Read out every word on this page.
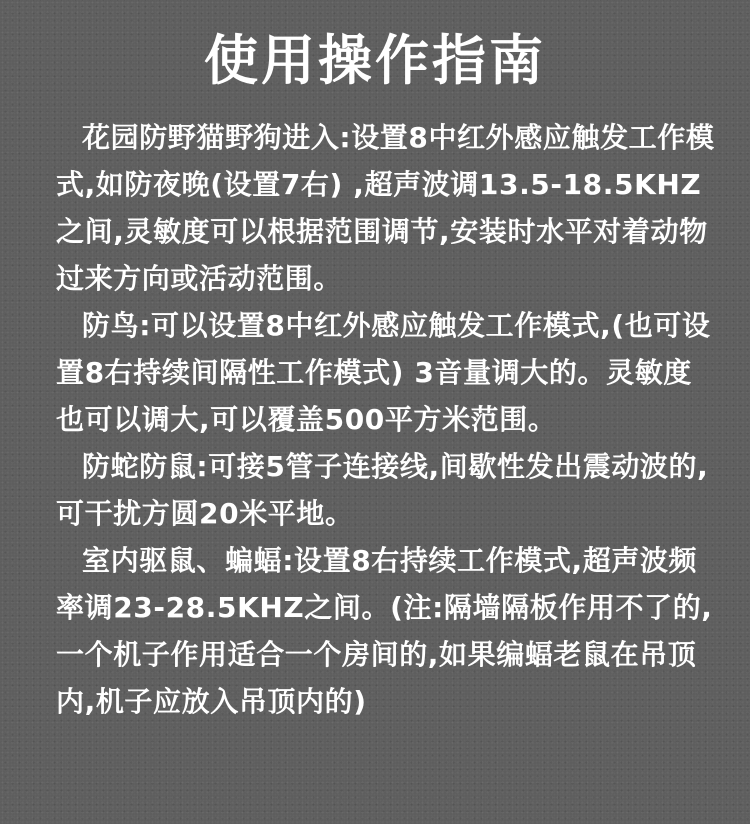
使用操作指南

花园防野猫野狗进入:设置8中红外感应触发工作模式,如防夜晚(设置7右) ,超声波调13.5-18.5KHZ之间,灵敏度可以根据范围调节,安装时水平对着动物过来方向或活动范围。

防鸟:可以设置8中红外感应触发工作模式,(也可设置8右持续间隔性工作模式) 3音量调大的。灵敏度也可以调大,可以覆盖500平方米范围。

防蛇防鼠:可接5管子连接线,间歇性发出震动波的,可干扰方圆20米平地。

室内驱鼠、蝙蝠:设置8右持续工作模式,超声波频率调23-28.5KHZ之间。(注:隔墙隔板作用不了的,一个机子作用适合一个房间的,如果编蝠老鼠在吊顶内,机子应放入吊顶内的)
